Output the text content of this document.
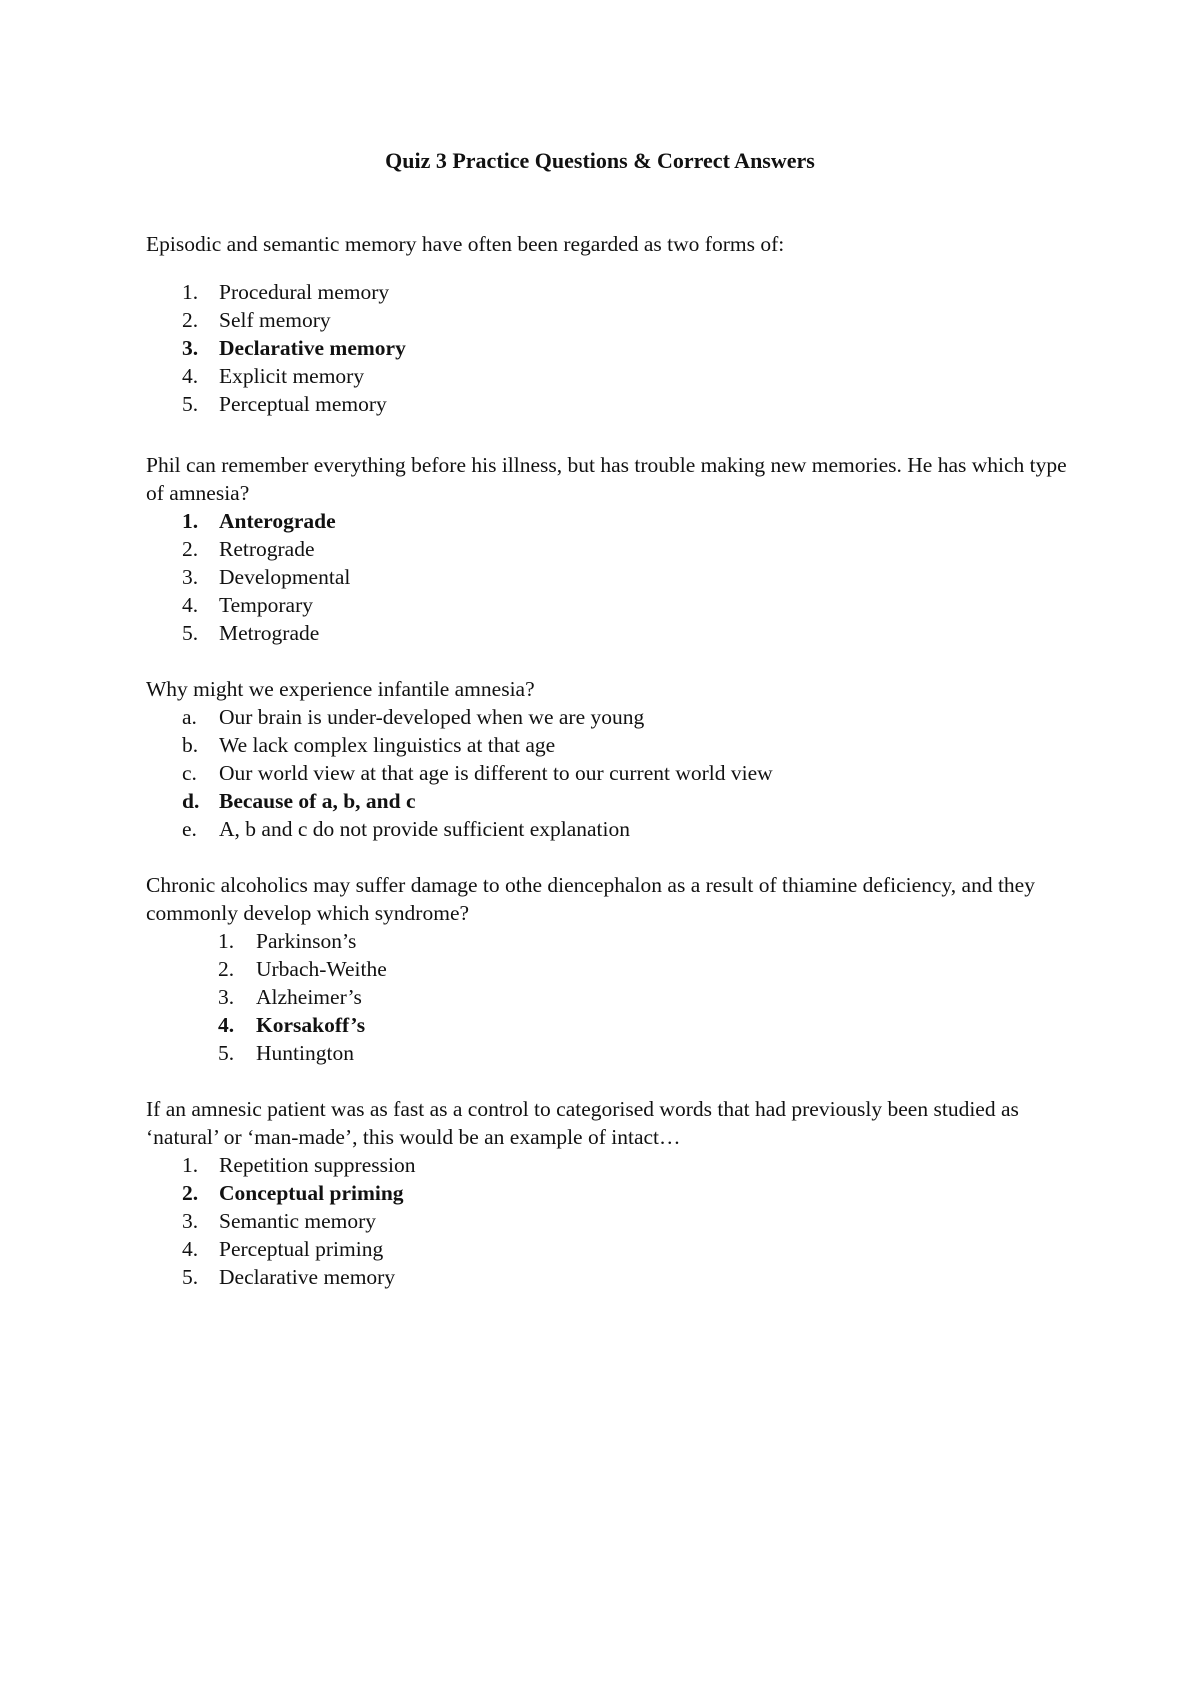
Quiz 3 Practice Questions & Correct Answers

Episodic and semantic memory have often been regarded as two forms of:

1. Procedural memory
2. Self memory
3. Declarative memory
4. Explicit memory
5. Perceptual memory

Phil can remember everything before his illness, but has trouble making new memories. He has which type of amnesia?

1. Anterograde
2. Retrograde
3. Developmental
4. Temporary
5. Metrograde

Why might we experience infantile amnesia?

a.	Our brain is under-developed when we are young
b. We lack complex linguistics at that age
c.	Our world view at that age is different to our current world view
d. Because of a, b, and c
e.	A, b and c do not provide sufficient explanation

Chronic alcoholics may suffer damage to othe diencephalon as a result of thiamine deficiency, and they commonly develop which syndrome?

1.	Parkinson’s
2.	Urbach-Weithe
3.	Alzheimer’s
4.	Korsakoff’s
5.	Huntington

If an amnesic patient was as fast as a control to categorised words that had previously been studied as ‘natural’ or ‘man-made’, this would be an example of intact…

1. Repetition suppression
2. Conceptual priming
3. Semantic memory
4. Perceptual priming
5. Declarative memory
